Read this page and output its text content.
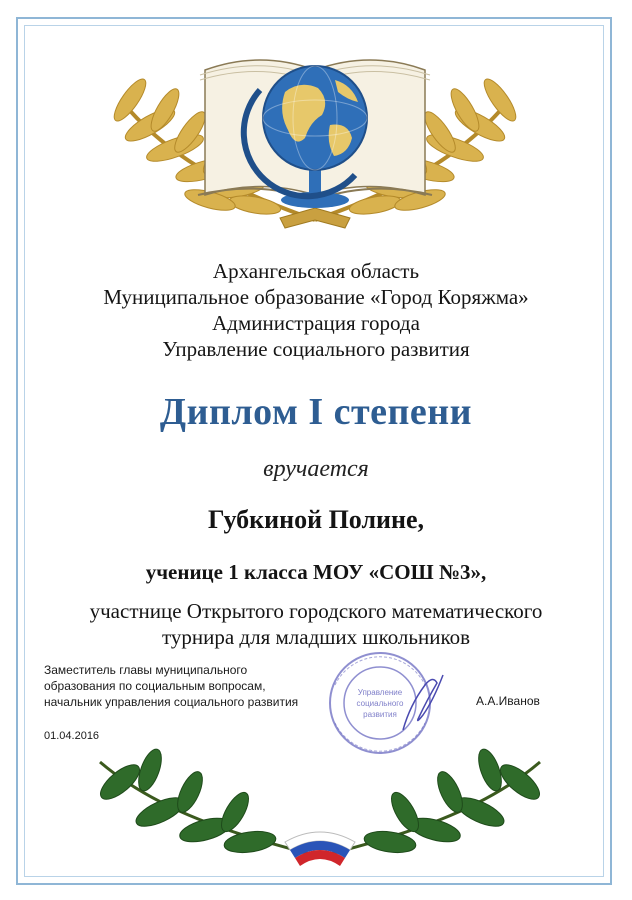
Архангельская область
Муниципальное образование «Город Коряжма»
Администрация города
Управление социального развития
Диплом I степени
вручается
Губкиной Полине,
ученице 1 класса МОУ «СОШ №3»,
участнице Открытого городского математического
турнира для младших школьников
Заместитель главы муниципального
образования по социальным вопросам,
начальник управления социального развития
Управление
социального
развития
А.А.Иванов
01.04.2016
